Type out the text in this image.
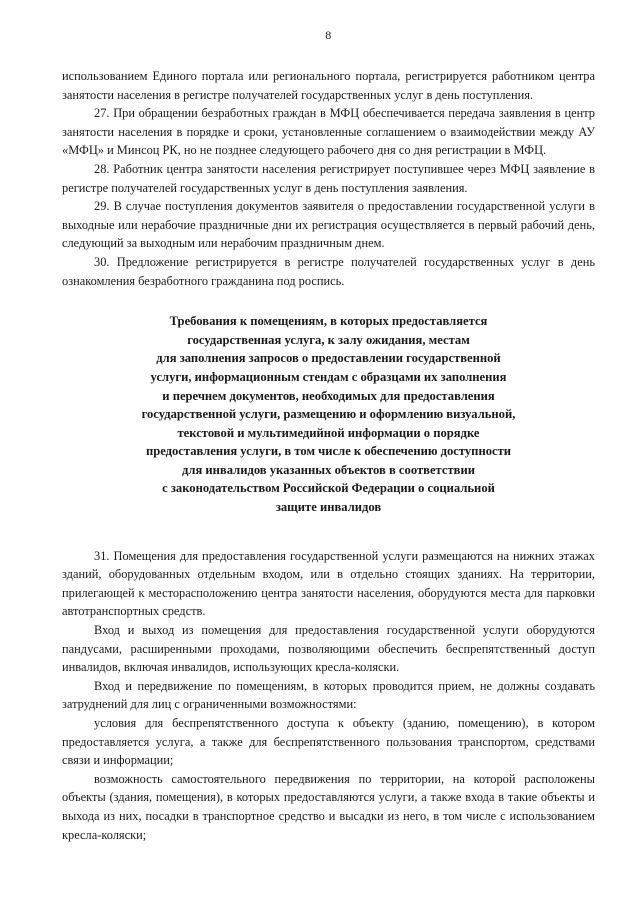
8

использованием Единого портала или регионального портала, регистрируется работником центра занятости населения в регистре получателей государственных услуг в день поступления.

27. При обращении безработных граждан в МФЦ обеспечивается передача заявления в центр занятости населения в порядке и сроки, установленные соглашением о взаимодействии между АУ «МФЦ» и Минсоц РК, но не позднее следующего рабочего дня со дня регистрации в МФЦ.

28. Работник центра занятости населения регистрирует поступившее через МФЦ заявление в регистре получателей государственных услуг в день поступления заявления.

29. В случае поступления документов заявителя о предоставлении государственной услуги в выходные или нерабочие праздничные дни их регистрация осуществляется в первый рабочий день, следующий за выходным или нерабочим праздничным днем.

30. Предложение регистрируется в регистре получателей государственных услуг в день ознакомления безработного гражданина под роспись.

Требования к помещениям, в которых предоставляется
государственная услуга, к залу ожидания, местам
для заполнения запросов о предоставлении государственной
услуги, информационным стендам с образцами их заполнения
и перечнем документов, необходимых для предоставления
государственной услуги, размещению и оформлению визуальной,
текстовой и мультимедийной информации о порядке
предоставления услуги, в том числе к обеспечению доступности
для инвалидов указанных объектов в соответствии
с законодательством Российской Федерации о социальной
защите инвалидов

31. Помещения для предоставления государственной услуги размещаются на нижних этажах зданий, оборудованных отдельным входом, или в отдельно стоящих зданиях. На территории, прилегающей к месторасположению центра занятости населения, оборудуются места для парковки автотранспортных средств.

Вход и выход из помещения для предоставления государственной услуги оборудуются пандусами, расширенными проходами, позволяющими обеспечить беспрепятственный доступ инвалидов, включая инвалидов, использующих кресла-коляски.

Вход и передвижение по помещениям, в которых проводится прием, не должны создавать затруднений для лиц с ограниченными возможностями:

условия для беспрепятственного доступа к объекту (зданию, помещению), в котором предоставляется услуга, а также для беспрепятственного пользования транспортом, средствами связи и информации;

возможность самостоятельного передвижения по территории, на которой расположены объекты (здания, помещения), в которых предоставляются услуги, а также входа в такие объекты и выхода из них, посадки в транспортное средство и высадки из него, в том числе с использованием кресла-коляски;
